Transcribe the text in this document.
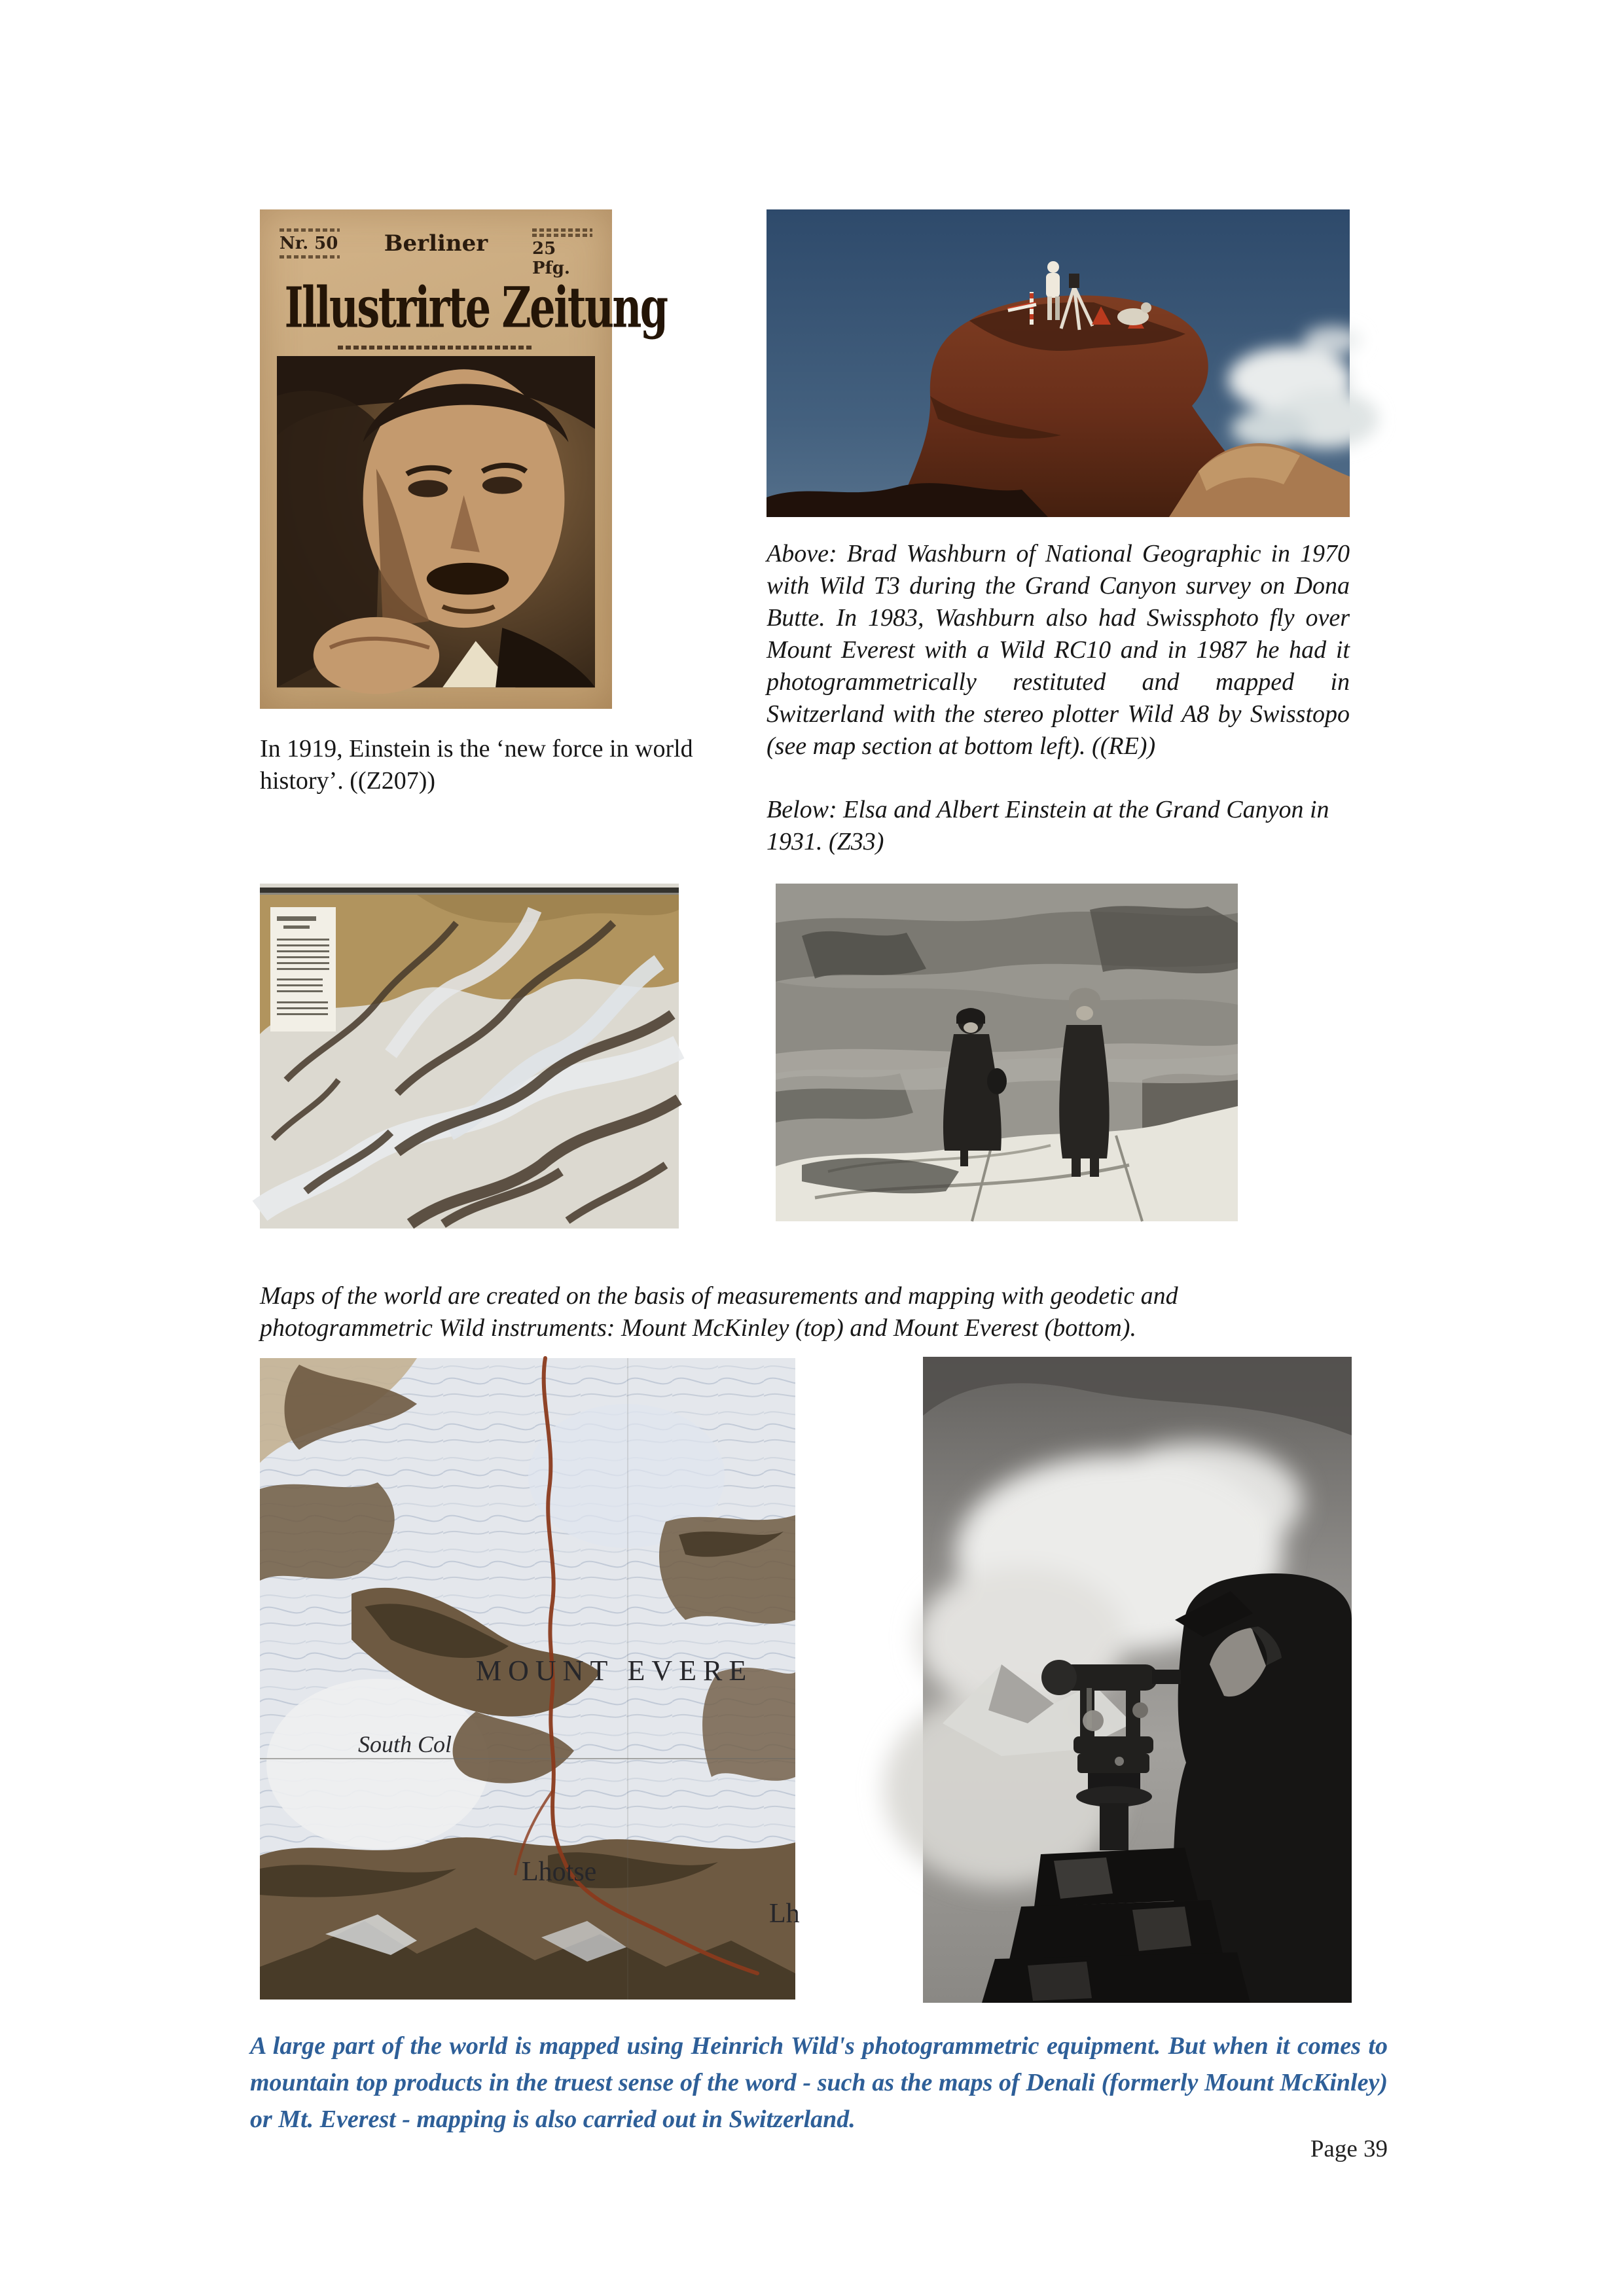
Nr. 50 Berliner	25 Pfg.
Illustrirte Zeitung
Above: Brad Washburn of National Geographic in 1970 with Wild T3 during the Grand Canyon survey on Dona Butte. In 1983, Washburn also had Swissphoto fly over Mount Everest with a Wild RC10 and in 1987 he had it photogrammetrically restituted and mapped in Switzerland with the stereo plotter Wild A8 by Swisstopo (see map section at bottom left). ((RE))
Below: Elsa and Albert Einstein at the Grand Canyon in 1931. (Z33)
In 1919, Einstein is the ‘new force in world history’. ((Z207))
Maps of the world are created on the basis of measurements and mapping with geodetic and photogrammetric Wild instruments: Mount McKinley (top) and Mount Everest (bottom).
MOUNT EVERE
South Col
Lhotse
Lh
A large part of the world is mapped using Heinrich Wild's photogrammetric equipment. But when it comes to mountain top products in the truest sense of the word - such as the maps of Denali (formerly Mount McKinley) or Mt. Everest - mapping is also carried out in Switzerland.
Page 39
